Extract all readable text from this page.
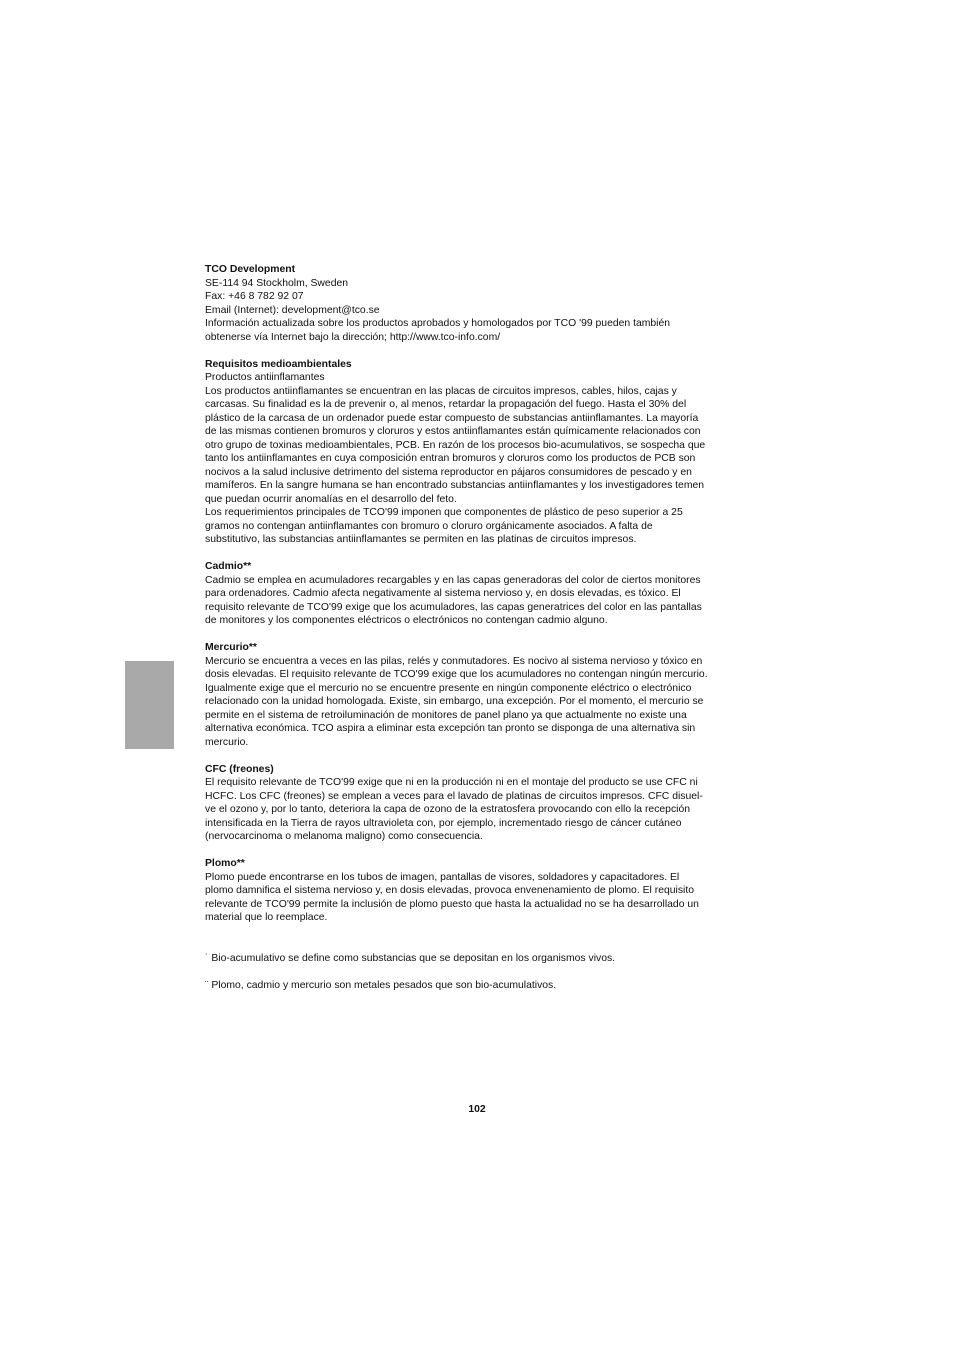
TCO Development
SE-114 94 Stockholm, Sweden
Fax: +46 8 782 92 07
Email (Internet): development@tco.se
Información actualizada sobre los productos aprobados y homologados por TCO '99 pueden también
obtenerse vía Internet bajo la dirección; http://www.tco-info.com/

Requisitos medioambientales
Productos antiinflamantes
Los productos antiinflamantes se encuentran en las placas de circuitos impresos, cables, hilos, cajas y
carcasas. Su finalidad es la de prevenir o, al menos, retardar la propagación del fuego. Hasta el 30% del
plástico de la carcasa de un ordenador puede estar compuesto de substancias antiinflamantes. La mayoría
de las mismas contienen bromuros y cloruros y estos antiinflamantes están químicamente relacionados con
otro grupo de toxinas medioambientales, PCB. En razón de los procesos bio-acumulativos, se sospecha que
tanto los antiinflamantes en cuya composición entran bromuros y cloruros como los productos de PCB son
nocivos a la salud inclusive detrimento del sistema reproductor en pájaros consumidores de pescado y en
mamíferos. En la sangre humana se han encontrado substancias antiinflamantes y los investigadores temen
que puedan ocurrir anomalías en el desarrollo del feto.
Los requerimientos principales de TCO'99 imponen que componentes de plástico de peso superior a 25
gramos no contengan antiinflamantes con bromuro o cloruro orgánicamente asociados. A falta de
substitutivo, las substancias antiinflamantes se permiten en las platinas de circuitos impresos.

Cadmio**
Cadmio se emplea en acumuladores recargables y en las capas generadoras del color de ciertos monitores
para ordenadores. Cadmio afecta negativamente al sistema nervioso y, en dosis elevadas, es tóxico. El
requisito relevante de TCO'99 exige que los acumuladores, las capas generatrices del color en las pantallas
de monitores y los componentes eléctricos o electrónicos no contengan cadmio alguno.

Mercurio**
Mercurio se encuentra a veces en las pilas, relés y conmutadores. Es nocivo al sistema nervioso y tóxico en
dosis elevadas. El requisito relevante de TCO'99 exige que los acumuladores no contengan ningún mercurio.
Igualmente exige que el mercurio no se encuentre presente en ningún componente eléctrico o electrónico
relacionado con la unidad homologada. Existe, sin embargo, una excepción. Por el momento, el mercurio se
permite en el sistema de retroiluminación de monitores de panel plano ya que actualmente no existe una
alternativa económica. TCO aspira a eliminar esta excepción tan pronto se disponga de una alternativa sin
mercurio.

CFC (freones)
El requisito relevante de TCO'99 exige que ni en la producción ni en el montaje del producto se use CFC ni
HCFC. Los CFC (freones) se emplean a veces para el lavado de platinas de circuitos impresos. CFC disuel-
ve el ozono y, por lo tanto, deteriora la capa de ozono de la estratosfera provocando con ello la recepción
intensificada en la Tierra de rayos ultravioleta con, por ejemplo, incrementado riesgo de cáncer cutáneo
(nervocarcinoma o melanoma maligno) como consecuencia.

Plomo**
Plomo puede encontrarse en los tubos de imagen, pantallas de visores, soldadores y capacitadores. El
plomo damnifica el sistema nervioso y, en dosis elevadas, provoca envenenamiento de plomo. El requisito
relevante de TCO'99 permite la inclusión de plomo puesto que hasta la actualidad no se ha desarrollado un
material que lo reemplace.

˙ Bio-acumulativo se define como substancias que se depositan en los organismos vivos.

¨ Plomo, cadmio y mercurio son metales pesados que son bio-acumulativos.

102
